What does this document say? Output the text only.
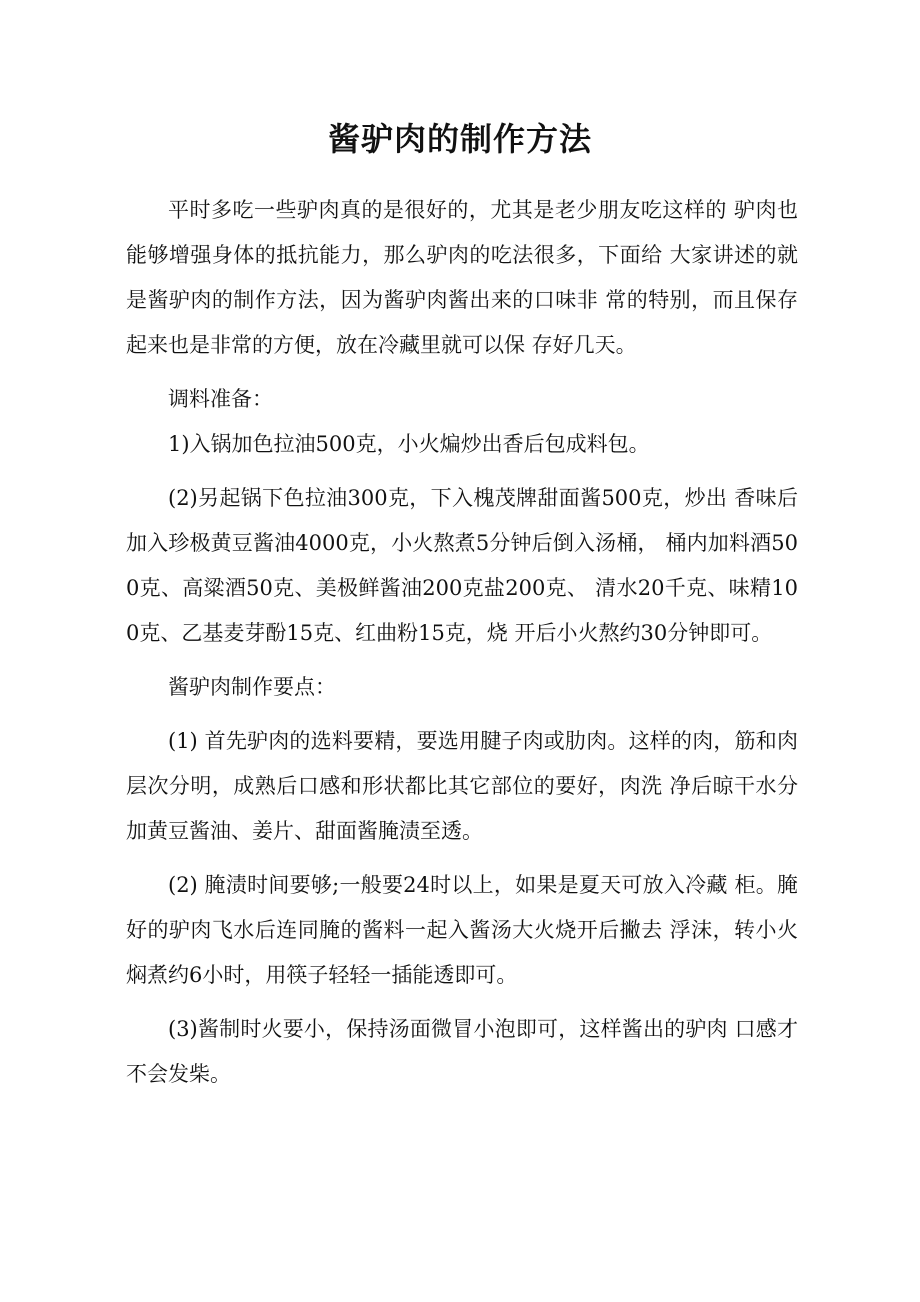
酱驴肉的制作方法

平时多吃一些驴肉真的是很好的，尤其是老少朋友吃这样的 驴肉也能够增强身体的抵抗能力，那么驴肉的吃法很多，下面给 大家讲述的就是酱驴肉的制作方法，因为酱驴肉酱出来的口味非 常的特别，而且保存起来也是非常的方便，放在冷藏里就可以保 存好几天。

调料准备：

1)入锅加色拉油500克，小火煸炒出香后包成料包。

(2)另起锅下色拉油300克，下入槐茂牌甜面酱500克，炒出 香味后加入珍极黄豆酱油4000克，小火熬煮5分钟后倒入汤桶， 桶内加料酒500克、高粱酒50克、美极鲜酱油200克盐200克、 清水20千克、味精100克、乙基麦芽酚15克、红曲粉15克，烧 开后小火熬约30分钟即可。

酱驴肉制作要点：

(1) 首先驴肉的选料要精，要选用腱子肉或肋肉。这样的肉，筋和肉层次分明，成熟后口感和形状都比其它部位的要好，肉洗 净后晾干水分加黄豆酱油、姜片、甜面酱腌渍至透。

(2) 腌渍时间要够;一般要24时以上，如果是夏天可放入冷藏 柜。腌好的驴肉飞水后连同腌的酱料一起入酱汤大火烧开后撇去 浮沫，转小火焖煮约6小时，用筷子轻轻一插能透即可。

(3)酱制时火要小，保持汤面微冒小泡即可，这样酱出的驴肉 口感才不会发柴。
